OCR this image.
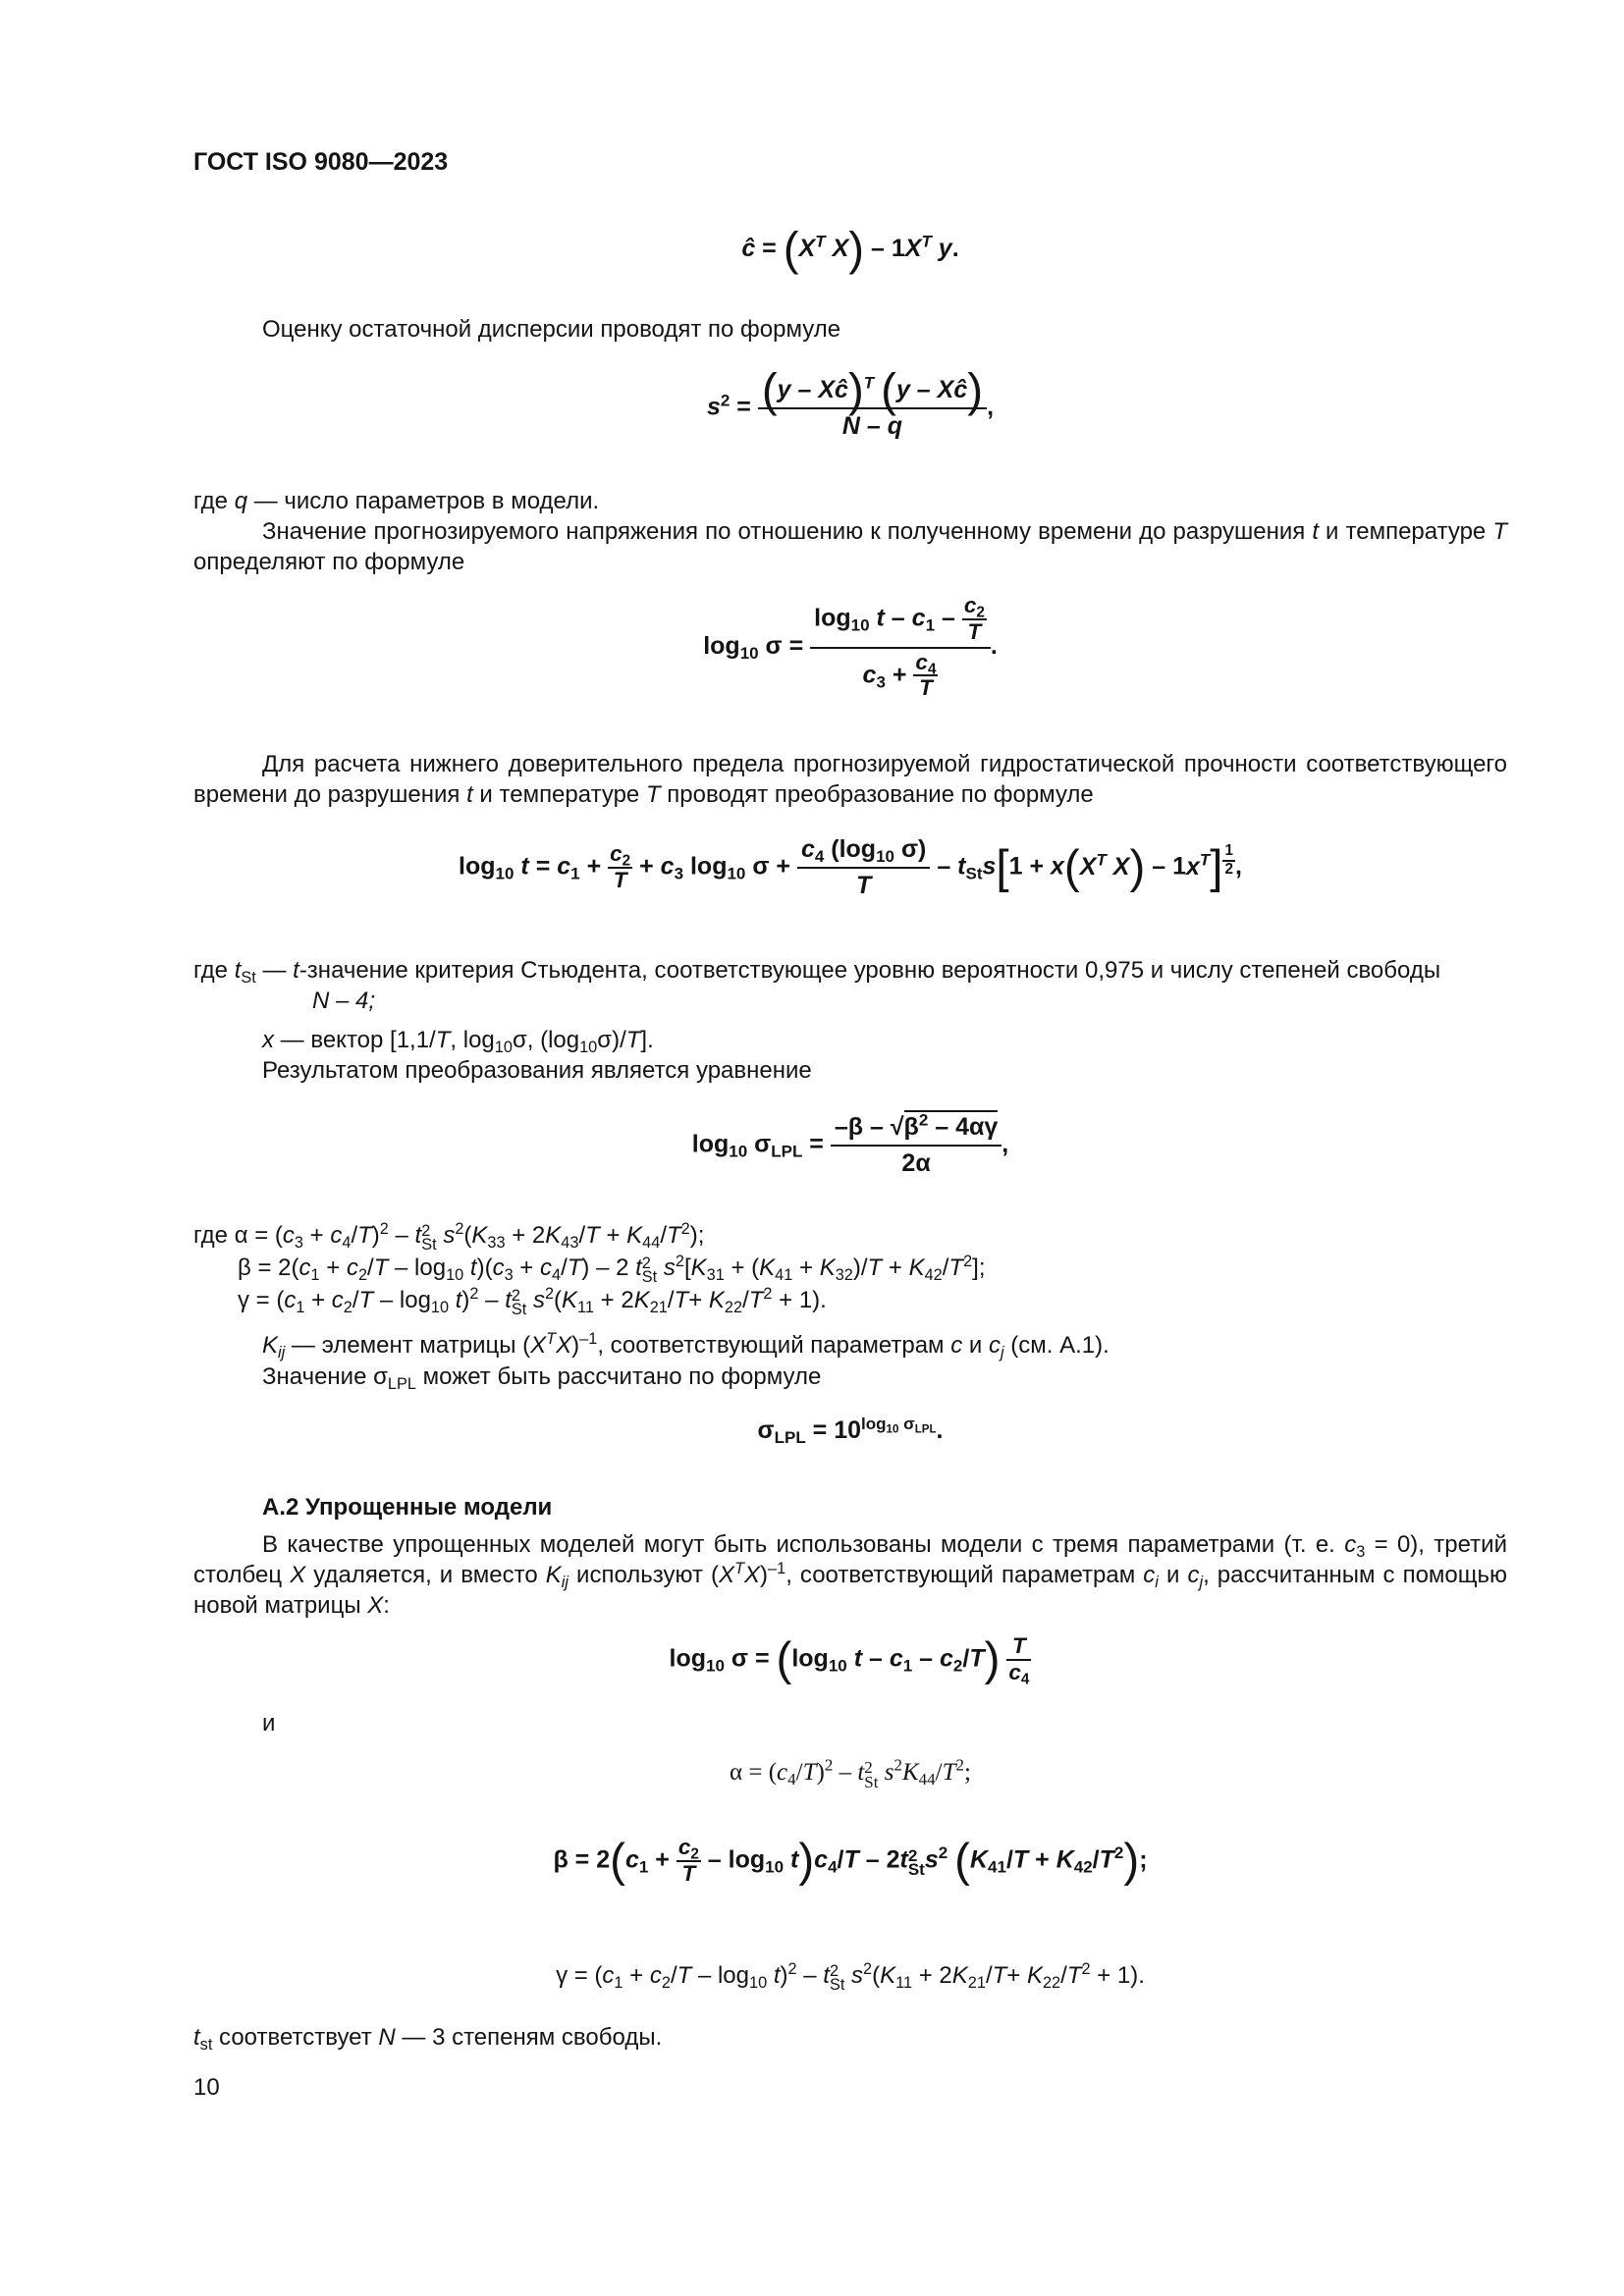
ГОСТ ISO 9080—2023
ĉ = ($X^T$ $X) - 1X^T$ y.
Оценку остаточной дисперсии проводят по формуле
$s^2 = \frac{(y - Xĉ)^T (y - Xĉ)}{N - q}$ ,
где q — число параметров в модели.
Значение прогнозируемого напряжения по отношению к полученному времени до разрушения t и температуре T определяют по формуле
$\log_{10} \sigma = \frac{\log_{10} t - c_1 - \frac{c_2}{T}}{c_3 + \frac{c_4}{T}}$ .
Для расчета нижнего доверительного предела прогнозируемой гидростатической прочности соответствующего времени до разрушения t и температуре T проводят преобразование по формуле
$\log_{10} t = c_1 + \frac{c_2}{T} + c_3$ $\log_{10} \sigma + \frac{c_4 (\log_{10} \sigma)}{T} - t_{St}s[1 + x(X^T$ $X) - 1x^T$] $^{\frac{1}{2}}$ ,
где $t_{St}$ — t-значение критерия Стьюдента, соответствующее уровню вероятности 0,975 и числу степеней свободы
N – 4;
x — вектор [1,1/T, $\log_{10}\sigma$, $(\log_{10}\sigma)/T$].
Результатом преобразования является уравнение
$\log_{10} \sigma_{LPL} = \frac{-\beta - √\beta^2 - 4\alpha\gamma}{2\alpha}$ ,
где $\alpha = (c_3 + c_4/T)^2 - t2$
St $s^2(K_{33} + 2K_{43}/T + K_{44}/T^2)$;
$\beta = 2(c_1 + c_2/T - \log_{10} t)(c_3 + c_4/T) - 2$ t2
St $s^2[K_{31} + (K_{41} + K_{32})/T + K_{42}/T^2]$;
$\gamma = (c_1 + c_2/T - \log_{10} t)^2 - t2$
St $s^2(K_{11} + 2K_{21}/T+ K_{22}/T^2 + 1)$.
$K_{ij}$ — элемент матрицы $(X^TX)^{-1}$, соответствующий параметрам c и $c_j$ (см. А.1).
Значение $\sigma_{LPL}$ может быть рассчитано по формуле
$\sigma_{LPL} = 10^{log_{10} \sigma_{LPL}}$.
А.2 Упрощенные модели
В качестве упрощенных моделей могут быть использованы модели с тремя параметрами (т. е. $c_3 = 0$), третий столбец X удаляется, и вместо $K_{ij}$ используют $(X^TX)^{-1}$, соответствующий параметрам $c_i$ и $c_j$, рассчитанным с помощью новой матрицы X:
$\log_{10} \sigma = (\log_{10}$ t – $c_1 - c_2/T) \frac{T}{c_4}$
и
$\alpha = (c_4/T)^2 - t2$
St $s^2K_{44}/T^2$;
$\beta = 2(c_1 + \frac{c_2}{T} - \log_{10} t)c_4/T - 2t2$
Sts$^2$ $(K_{41}/T + K_{42}/T^2)$;
$\gamma = (c_1 + c_2/T - \log_{10} t)^2 - t2$
St $s^2(K_{11} + 2K_{21}/T+ K_{22}/T^2 + 1)$.
$t_{st}$ соответствует N — 3 степеням свободы.
10
